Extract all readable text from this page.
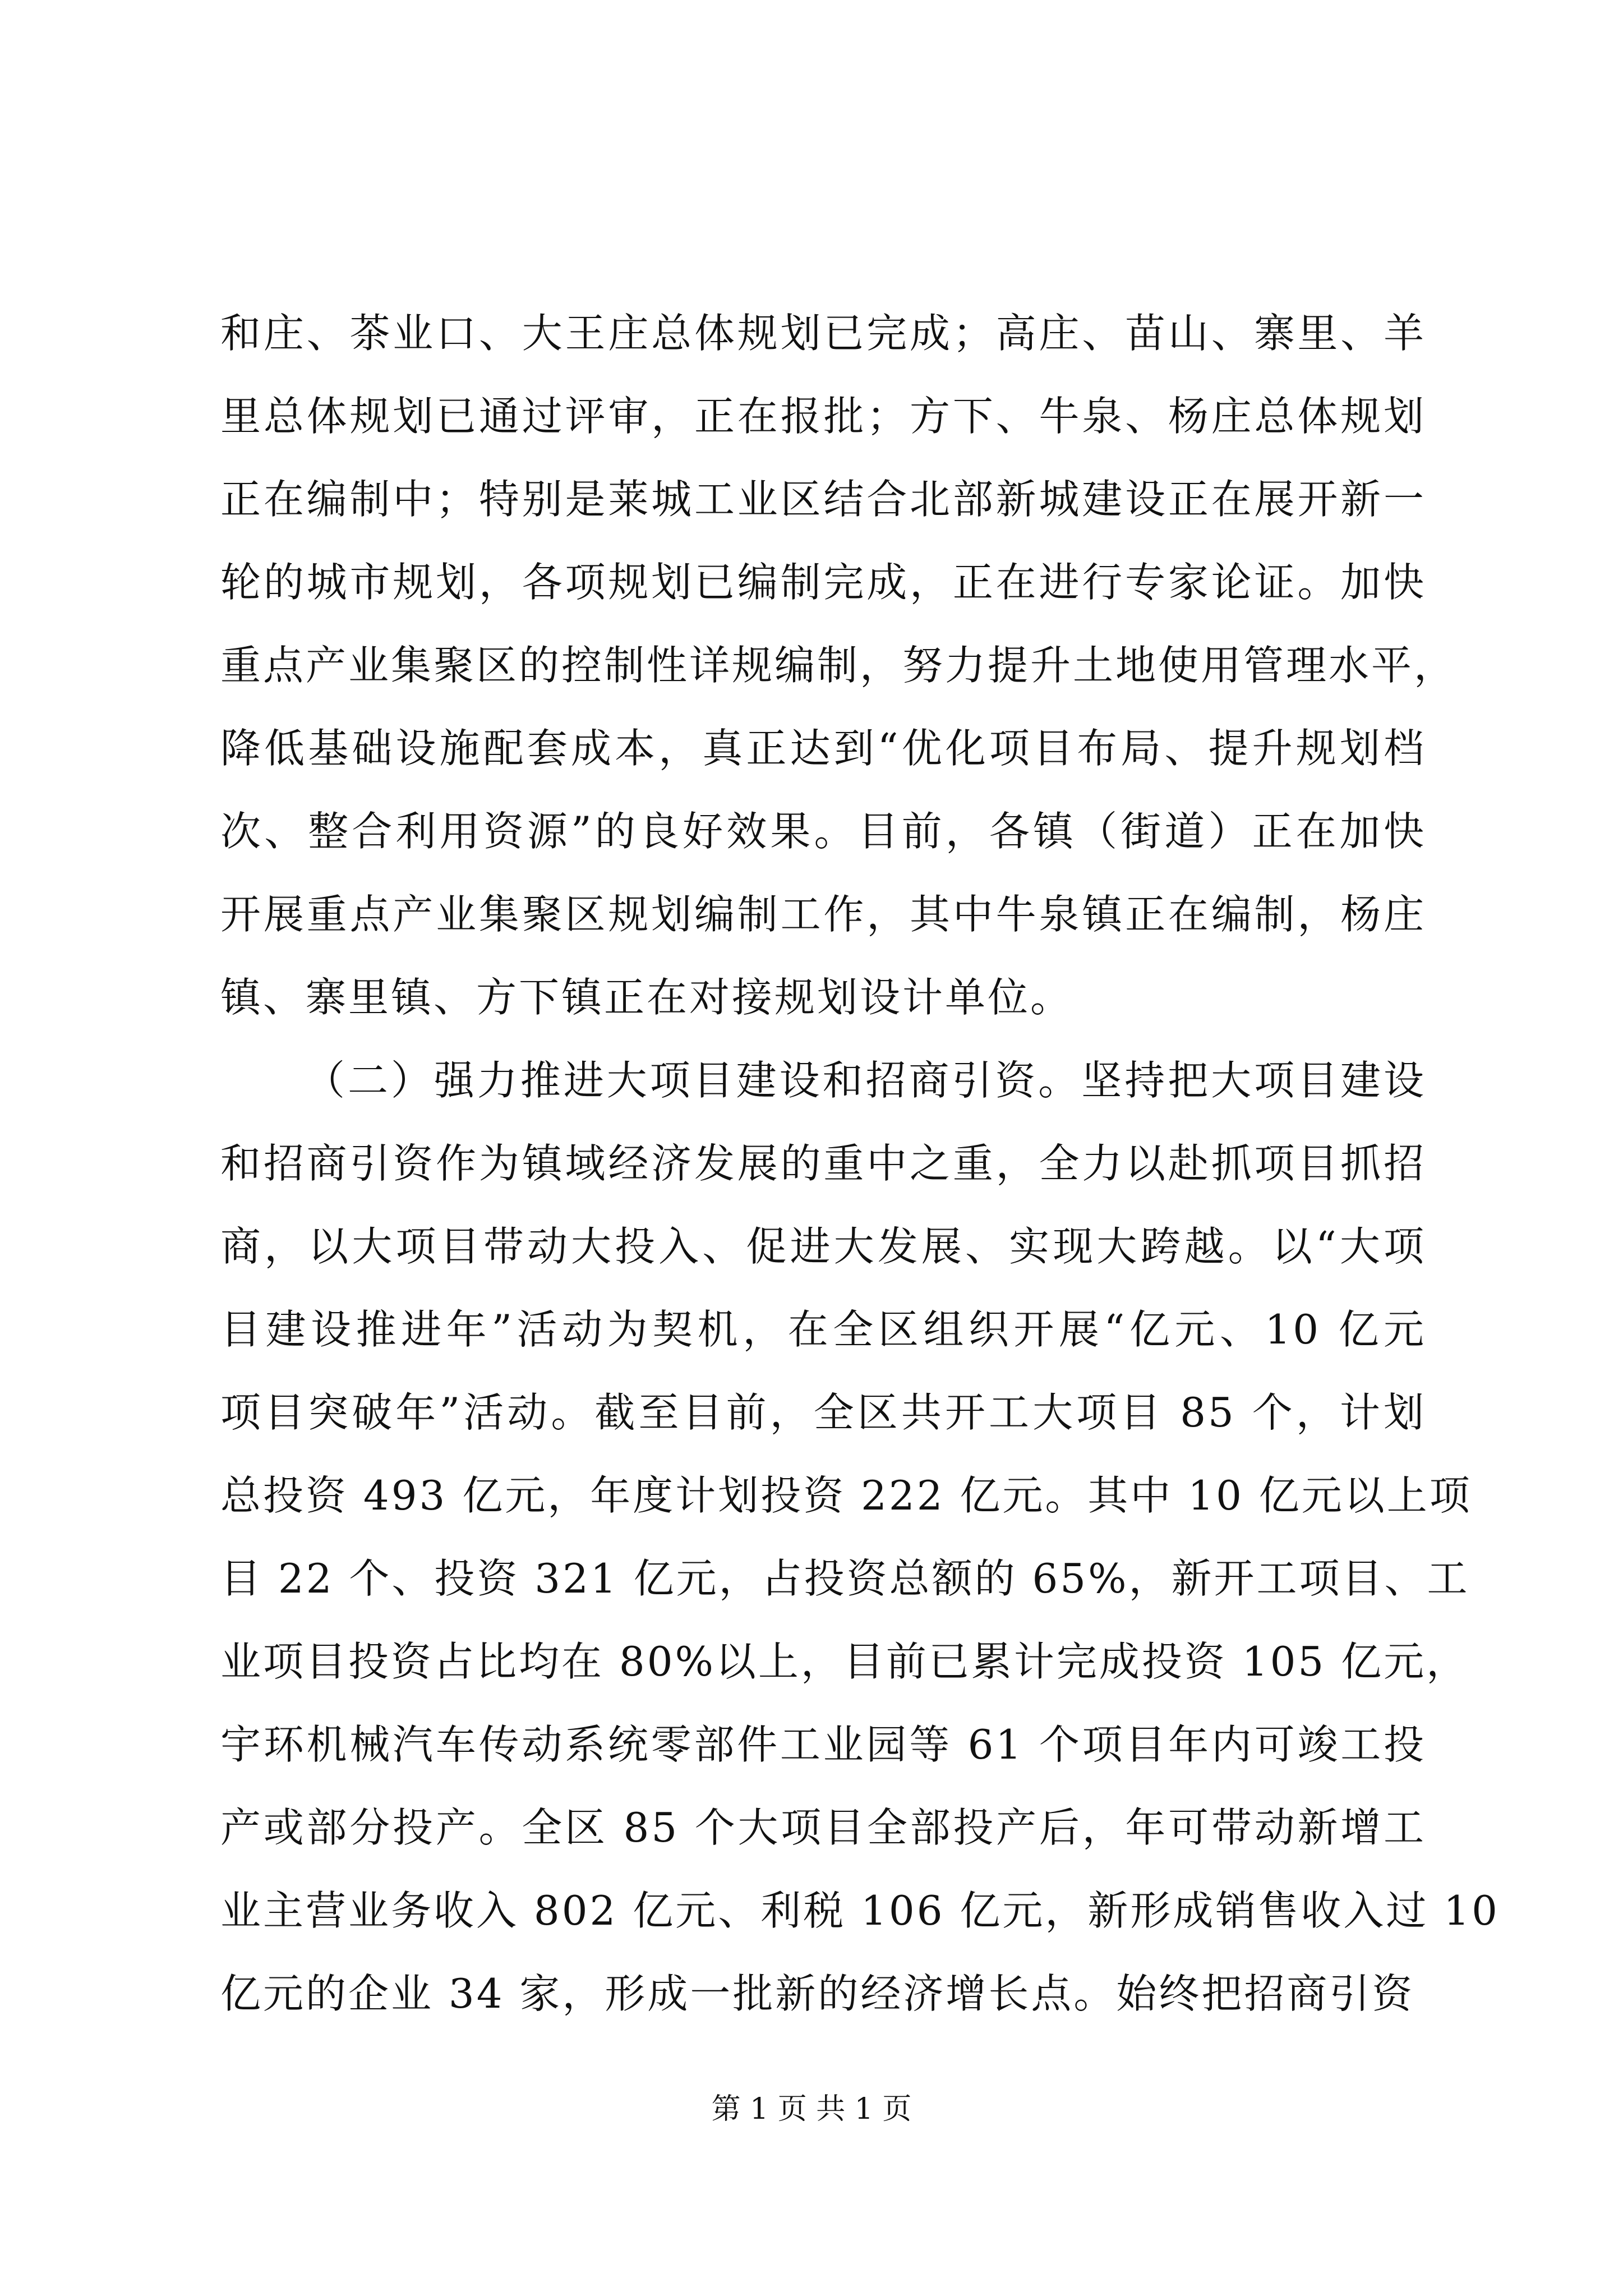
和庄、茶业口、大王庄总体规划已完成；高庄、苗山、寨里、羊
里总体规划已通过评审，正在报批；方下、牛泉、杨庄总体规划
正在编制中；特别是莱城工业区结合北部新城建设正在展开新一
轮的城市规划，各项规划已编制完成，正在进行专家论证。加快
重点产业集聚区的控制性详规编制，努力提升土地使用管理水平，
降低基础设施配套成本，真正达到“优化项目布局、提升规划档
次、整合利用资源”的良好效果。目前，各镇（街道）正在加快
开展重点产业集聚区规划编制工作，其中牛泉镇正在编制，杨庄
镇、寨里镇、方下镇正在对接规划设计单位。
（二）强力推进大项目建设和招商引资。坚持把大项目建设
和招商引资作为镇域经济发展的重中之重，全力以赴抓项目抓招
商，以大项目带动大投入、促进大发展、实现大跨越。以“大项
目建设推进年”活动为契机，在全区组织开展“亿元、10 亿元
项目突破年”活动。截至目前，全区共开工大项目 85 个，计划
总投资 493 亿元，年度计划投资 222 亿元。其中 10 亿元以上项
目 22 个、投资 321 亿元，占投资总额的 65%，新开工项目、工
业项目投资占比均在 80%以上，目前已累计完成投资 105 亿元，
宇环机械汽车传动系统零部件工业园等 61 个项目年内可竣工投
产或部分投产。全区 85 个大项目全部投产后，年可带动新增工
业主营业务收入 802 亿元、利税 106 亿元，新形成销售收入过 10
亿元的企业 34 家，形成一批新的经济增长点。始终把招商引资
第 1 页 共 1 页
